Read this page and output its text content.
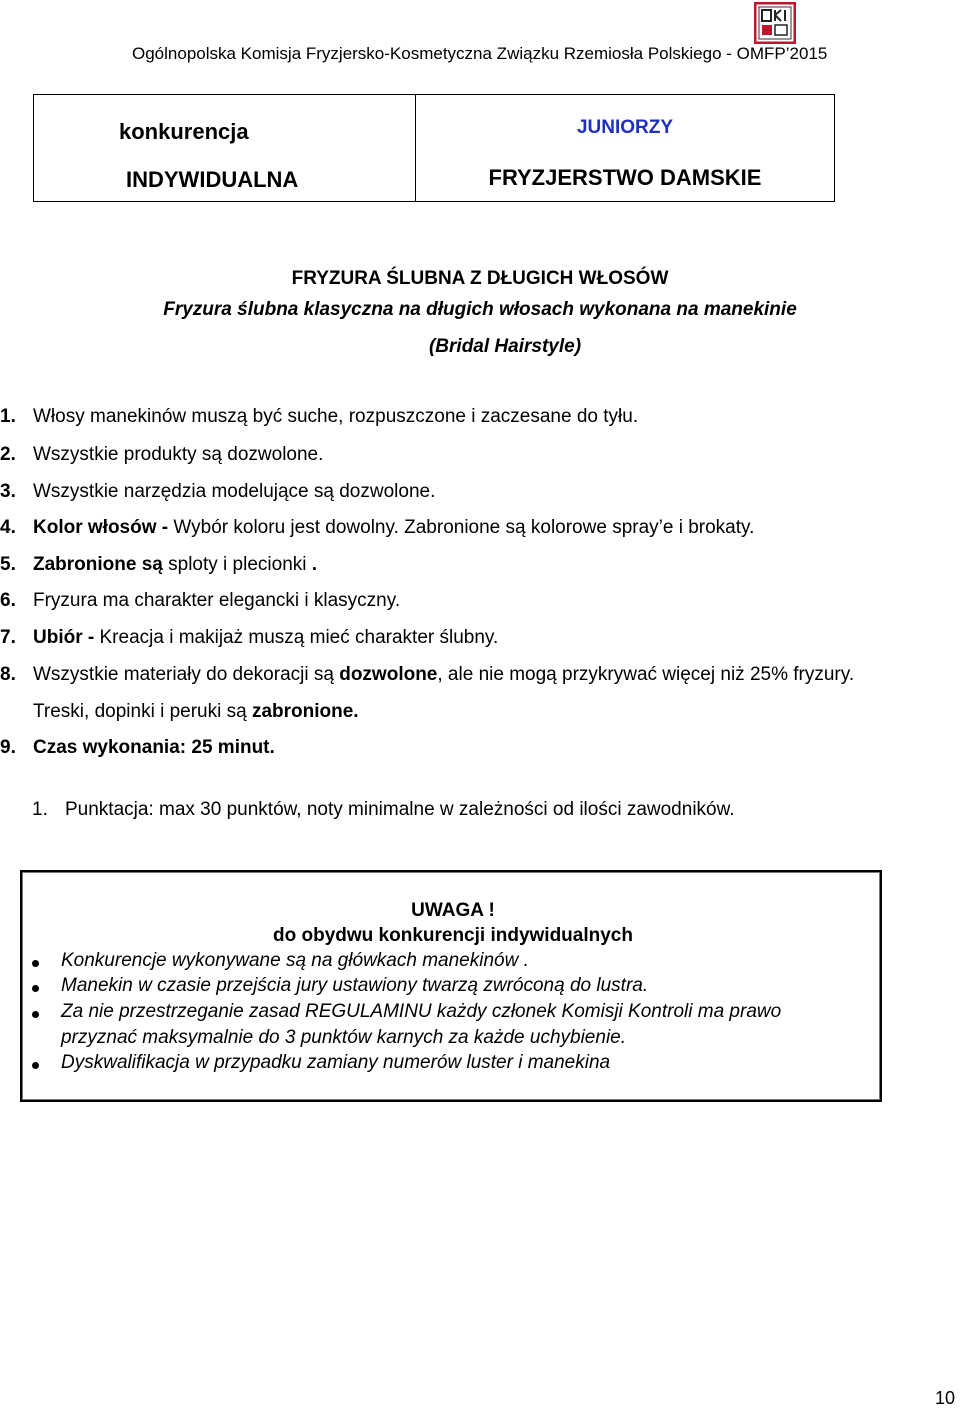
Ogólnopolska Komisja Fryzjersko-Kosmetyczna Związku Rzemiosła Polskiego - OMFP’2015
konkurencja
INDYWIDUALNA
JUNIORZY
FRYZJERSTWO DAMSKIE
FRYZURA ŚLUBNA Z DŁUGICH WŁOSÓW
Fryzura ślubna klasyczna na długich włosach wykonana na manekinie
(Bridal Hairstyle)
1. Włosy manekinów muszą być suche, rozpuszczone i zaczesane do tyłu.
2. Wszystkie produkty są dozwolone.
3. Wszystkie narzędzia modelujące są dozwolone.
4. Kolor włosów - Wybór koloru jest dowolny. Zabronione są kolorowe spray’e i brokaty.
5. Zabronione są sploty i plecionki .
6. Fryzura ma charakter elegancki i klasyczny.
7. Ubiór - Kreacja i makijaż muszą mieć charakter ślubny.
8. Wszystkie materiały do dekoracji są dozwolone, ale nie mogą przykrywać więcej niż 25% fryzury.
Treski, dopinki i peruki są zabronione.
9. Czas wykonania: 25 minut.
1. Punktacja: max 30 punktów, noty minimalne w zależności od ilości zawodników.
UWAGA !
do obydwu konkurencji indywidualnych
Konkurencje wykonywane są na główkach manekinów .
Manekin w czasie przejścia jury ustawiony twarzą zwróconą do lustra.
Za nie przestrzeganie zasad REGULAMINU każdy członek Komisji Kontroli ma prawo
przyznać maksymalnie do 3 punktów karnych za każde uchybienie.
Dyskwalifikacja w przypadku zamiany numerów luster i manekina
10
